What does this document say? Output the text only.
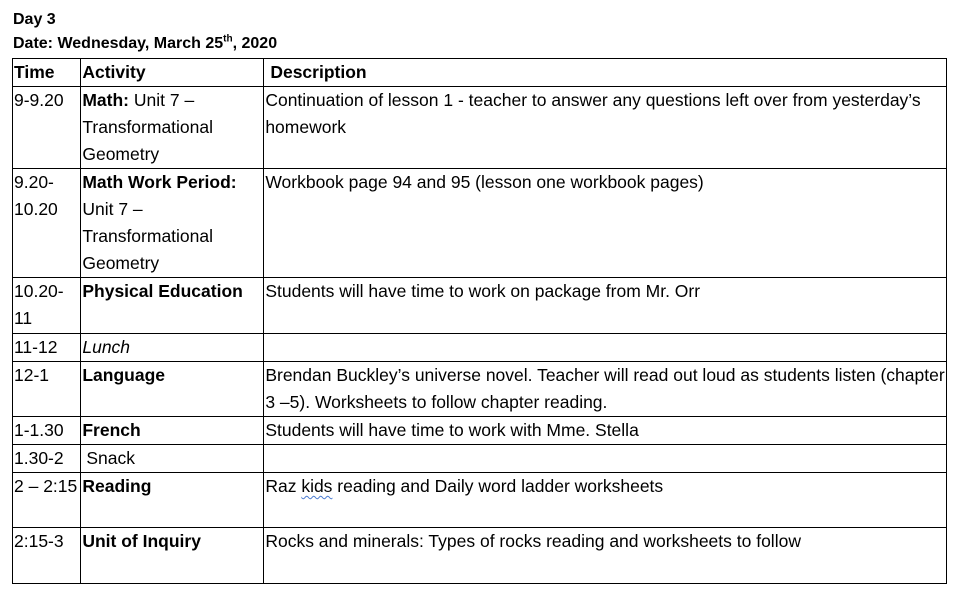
Day 3
Date: Wednesday, March 25th, 2020
Time	Activity	Description
9-9.20	Math: Unit 7 – Transformational Geometry	Continuation of lesson 1 - teacher to answer any questions left over from yesterday’s homework
9.20-10.20	Math Work Period: Unit 7 – Transformational Geometry	Workbook page 94 and 95 (lesson one workbook pages)
10.20-11	Physical Education	Students will have time to work on package from Mr. Orr
11-12	Lunch	
12-1	Language	Brendan Buckley’s universe novel. Teacher will read out loud as students listen (chapter 3 –5). Worksheets to follow chapter reading.
1-1.30	French	Students will have time to work with Mme. Stella
1.30-2	Snack	
2 – 2:15	Reading	Raz kids reading and Daily word ladder worksheets
2:15-3	Unit of Inquiry	Rocks and minerals: Types of rocks reading and worksheets to follow
